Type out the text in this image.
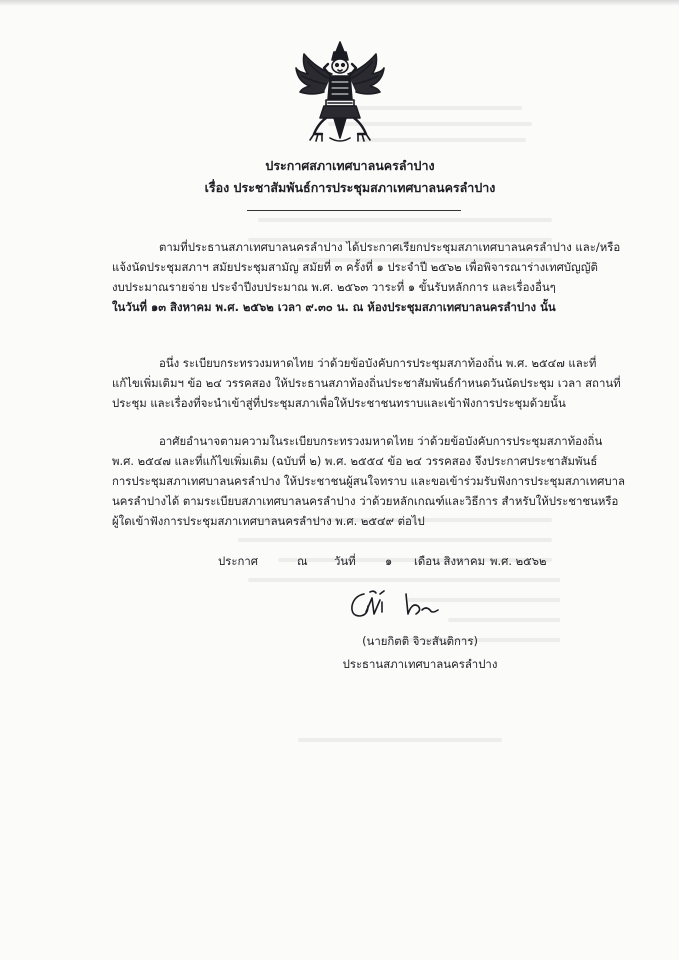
ประกาศสภาเทศบาลนครลำปาง
เรื่อง ประชาสัมพันธ์การประชุมสภาเทศบาลนครลำปาง
ตามที่ประธานสภาเทศบาลนครลำปาง ได้ประกาศเรียกประชุมสภาเทศบาลนครลำปาง และ/หรือ
แจ้งนัดประชุมสภาฯ สมัยประชุมสามัญ สมัยที่ ๓ ครั้งที่ ๑ ประจำปี ๒๕๖๒ เพื่อพิจารณาร่างเทศบัญญัติ
งบประมาณรายจ่าย ประจำปีงบประมาณ พ.ศ. ๒๕๖๓ วาระที่ ๑ ขั้นรับหลักการ และเรื่องอื่นๆ
ในวันที่ ๑๓ สิงหาคม พ.ศ. ๒๕๖๒ เวลา ๙.๓๐ น. ณ ห้องประชุมสภาเทศบาลนครลำปาง นั้น
อนึ่ง ระเบียบกระทรวงมหาดไทย ว่าด้วยข้อบังคับการประชุมสภาท้องถิ่น พ.ศ. ๒๕๔๗ และที่
แก้ไขเพิ่มเติมฯ ข้อ ๒๔ วรรคสอง ให้ประธานสภาท้องถิ่นประชาสัมพันธ์กำหนดวันนัดประชุม เวลา สถานที่
ประชุม และเรื่องที่จะนำเข้าสู่ที่ประชุมสภาเพื่อให้ประชาชนทราบและเข้าฟังการประชุมด้วยนั้น
อาศัยอำนาจตามความในระเบียบกระทรวงมหาดไทย ว่าด้วยข้อบังคับการประชุมสภาท้องถิ่น
พ.ศ. ๒๕๔๗ และที่แก้ไขเพิ่มเติม (ฉบับที่ ๒) พ.ศ. ๒๕๕๔ ข้อ ๒๔ วรรคสอง จึงประกาศประชาสัมพันธ์
การประชุมสภาเทศบาลนครลำปาง ให้ประชาชนผู้สนใจทราบ และขอเข้าร่วมรับฟังการประชุมสภาเทศบาล
นครลำปางได้ ตามระเบียบสภาเทศบาลนครลำปาง ว่าด้วยหลักเกณฑ์และวิธีการ สำหรับให้ประชาชนหรือ
ผู้ใดเข้าฟังการประชุมสภาเทศบาลนครลำปาง พ.ศ. ๒๕๔๙ ต่อไป
ประกาศ	ณ วันที่	๑ เดือน สิงหาคม พ.ศ. ๒๕๖๒
(นายกิตติ จิวะสันติการ)
ประธานสภาเทศบาลนครลำปาง
